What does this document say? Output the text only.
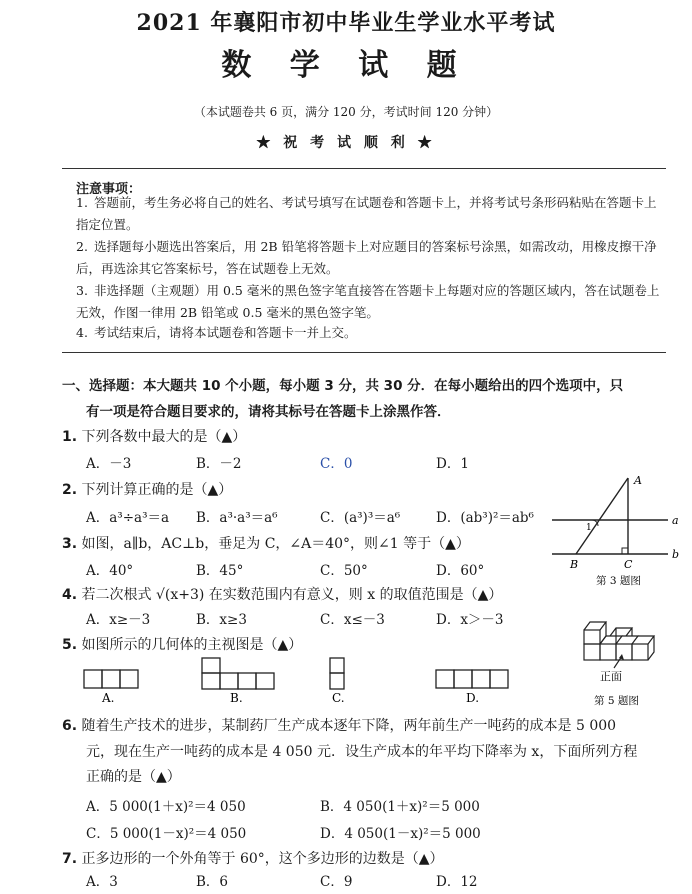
2021 年襄阳市初中毕业生学业水平考试
数 学 试 题
（本试题卷共 6 页，满分 120 分，考试时间 120 分钟）
★ 祝 考 试 顺 利 ★
注意事项：
1. 答题前，考生务必将自己的姓名、考试号填写在试题卷和答题卡上，并将考试号条形码粘贴在答题卡上指定位置。
2. 选择题每小题选出答案后，用 2B 铅笔将答题卡上对应题目的答案标号涂黑，如需改动，用橡皮擦干净后，再选涂其它答案标号，答在试题卷上无效。
3. 非选择题（主观题）用 0.5 毫米的黑色签字笔直接答在答题卡上每题对应的答题区域内，答在试题卷上无效，作图一律用 2B 铅笔或 0.5 毫米的黑色签字笔。
4. 考试结束后，请将本试题卷和答题卡一并上交。
一、选择题：本大题共 10 个小题，每小题 3 分，共 30 分．在每小题给出的四个选项中，只
有一项是符合题目要求的，请将其标号在答题卡上涂黑作答．
1. 下列各数中最大的是（▲）
A．－3	B．－2	C．0	D．1
2. 下列计算正确的是（▲）
A．a³÷a³＝a B．a³·a³＝a⁶	C．(a³)³＝a⁶	D．(ab³)²＝ab⁶
3. 如图，a∥b，AC⊥b，垂足为 C，∠A＝40°，则∠1 等于（▲）
A．40°	B．45°	C．50°	D．60°
A
B	C
a
b
1
第 3 题图
4. 若二次根式 √(x+3) 在实数范围内有意义，则 x 的取值范围是（▲）
A．x≥－3	B．x≥3	C．x≤－3	D．x＞－3
5. 如图所示的几何体的主视图是（▲）
A.	B.	C.	D.
正面
第 5 题图
6. 随着生产技术的进步，某制药厂生产成本逐年下降，两年前生产一吨药的成本是 5 000
元，现在生产一吨药的成本是 4 050 元．设生产成本的年平均下降率为 x，下面所列方程
正确的是（▲）
A．5 000(1＋x)²＝4 050	B．4 050(1＋x)²＝5 000
C．5 000(1－x)²＝4 050	D．4 050(1－x)²＝5 000
7. 正多边形的一个外角等于 60°，这个多边形的边数是（▲）
A．3	B．6	C．9	D．12
